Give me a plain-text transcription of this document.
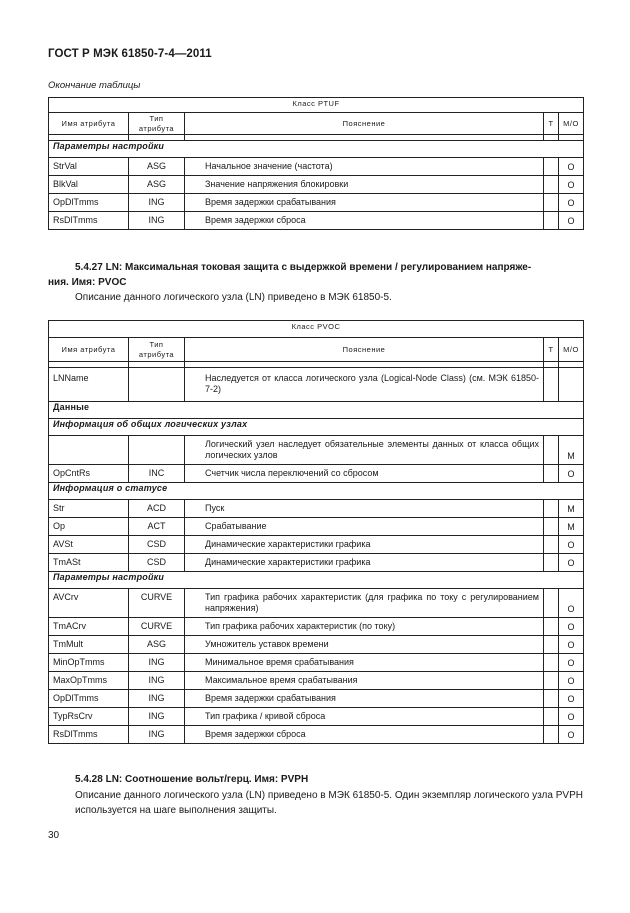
ГОСТ Р МЭК 61850-7-4—2011
Окончание таблицы
Класс PTUF				
Имя атрибута	Тип атрибута	Пояснение	T	M/O

Параметры настройки				
StrVal	ASG	Начальное значение (частота)		O
BlkVal	ASG	Значение напряжения блокировки		O
OpDlTmms	ING	Время задержки срабатывания		O
RsDlTmms	ING	Время задержки сброса		O
5.4.27 LN: Максимальная токовая защита с выдержкой времени / регулированием напряже-
ния. Имя: PVOC
Описание данного логического узла (LN) приведено в МЭК 61850-5.
Класс PVOC				
Имя атрибута	Тип атрибута	Пояснение	T	M/O

LNName		Наследуется от класса логического узла (Logical-Node Class) (см. МЭК 61850-7-2)		
Данные				
Информация об общих логических узлах				
		Логический узел наследует обязательные элементы данных от класса общих логических узлов		M
OpCntRs	INC	Счетчик числа переключений со сбросом		O
Информация о статусе				
Str	ACD	Пуск		M
Op	ACT	Срабатывание		M
AVSt	CSD	Динамические характеристики графика		O
TmASt	CSD	Динамические характеристики графика		O
Параметры настройки				
AVCrv	CURVE	Тип графика рабочих характеристик (для графика по току с регулированием напряжения)		O
TmACrv	CURVE	Тип графика рабочих характеристик (по току)		O
TmMult	ASG	Умножитель уставок времени		O
MinOpTmms	ING	Минимальное время срабатывания		O
MaxOpTmms	ING	Максимальное время срабатывания		O
OpDlTmms	ING	Время задержки срабатывания		O
TypRsCrv	ING	Тип графика / кривой сброса		O
RsDlTmms	ING	Время задержки сброса		O
5.4.28 LN: Соотношение вольт/герц. Имя: PVPH
Описание данного логического узла (LN) приведено в МЭК 61850-5. Один экземпляр логического узла PVPH используется на шаге выполнения защиты.
30
